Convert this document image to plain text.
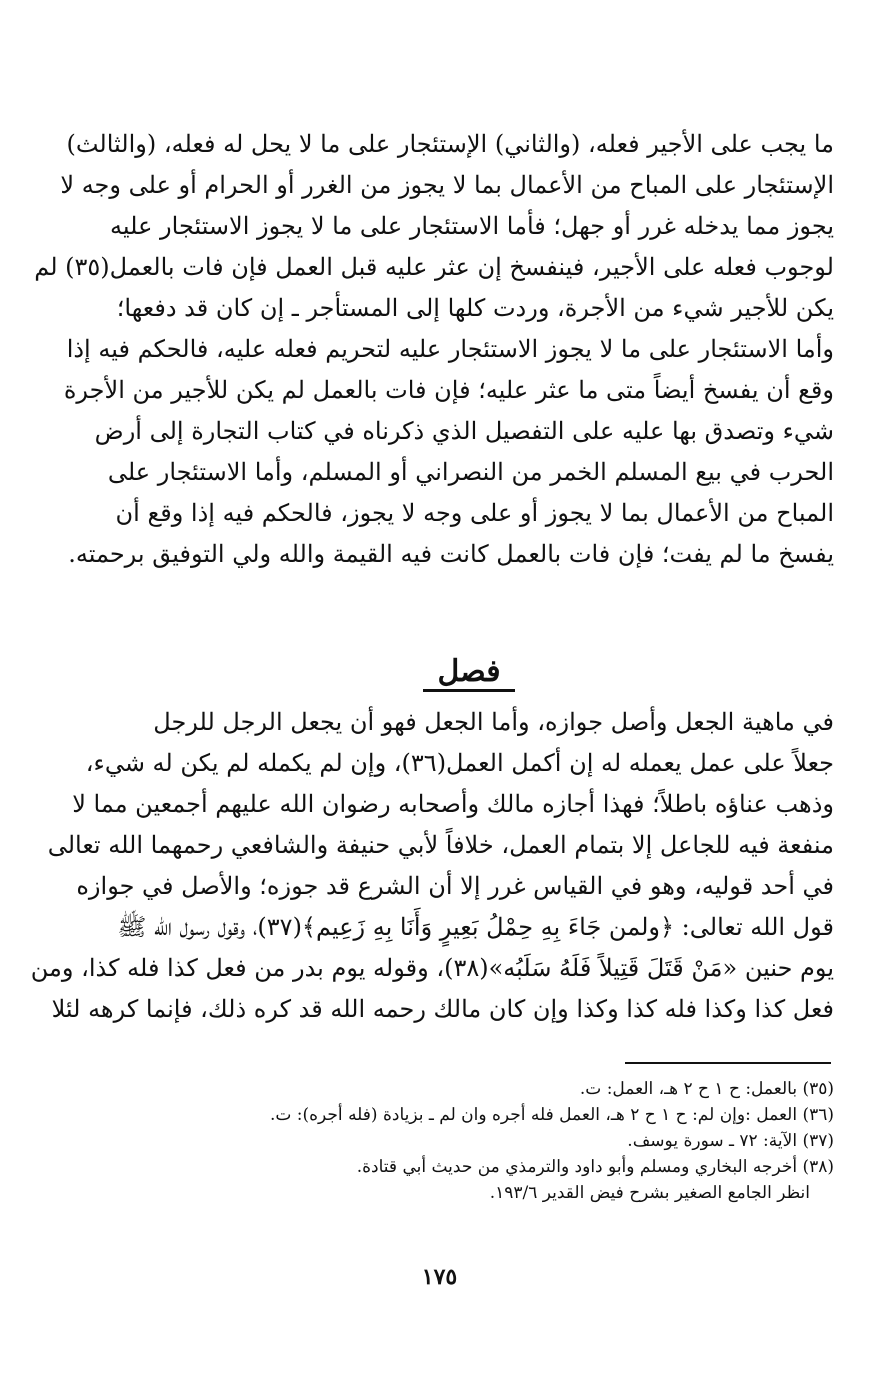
ما يجب على الأجير فعله، (والثاني) الإستئجار على ما لا يحل له فعله، (والثالث)
الإستئجار على المباح من الأعمال بما لا يجوز من الغرر أو الحرام أو على وجه لا
يجوز مما يدخله غرر أو جهل؛ فأما الاستئجار على ما لا يجوز الاستئجار عليه
لوجوب فعله على الأجير، فينفسخ إن عثر عليه قبل العمل فإن فات بالعمل(٣٥) لم
يكن للأجير شيء من الأجرة، وردت كلها إلى المستأجر ـ إن كان قد دفعها؛
وأما الاستئجار على ما لا يجوز الاستئجار عليه لتحريم فعله عليه، فالحكم فيه إذا
وقع أن يفسخ أيضاً متى ما عثر عليه؛ فإن فات بالعمل لم يكن للأجير من الأجرة
شيء وتصدق بها عليه على التفصيل الذي ذكرناه في كتاب التجارة إلى أرض
الحرب في بيع المسلم الخمر من النصراني أو المسلم، وأما الاستئجار على
المباح من الأعمال بما لا يجوز أو على وجه لا يجوز، فالحكم فيه إذا وقع أن
يفسخ ما لم يفت؛ فإن فات بالعمل كانت فيه القيمة والله ولي التوفيق برحمته.
فصل
في ماهية الجعل وأصل جوازه، وأما الجعل فهو أن يجعل الرجل للرجل
جعلاً على عمل يعمله له إن أكمل العمل(٣٦)، وإن لم يكمله لم يكن له شيء،
وذهب عناؤه باطلاً؛ فهذا أجازه مالك وأصحابه رضوان الله عليهم أجمعين مما لا
منفعة فيه للجاعل إلا بتمام العمل، خلافاً لأبي حنيفة والشافعي رحمهما الله تعالى
في أحد قوليه، وهو في القياس غرر إلا أن الشرع قد جوزه؛ والأصل في جوازه
قول الله تعالى: ﴿ولمن جَاءَ بِهِ حِمْلُ بَعِيرٍ وَأَنَا بِهِ زَعِيم﴾(٣٧)، وقول رسول الله ﷺ
يوم حنين «مَنْ قَتَلَ قَتِيلاً فَلَهُ سَلَبُه»(٣٨)، وقوله يوم بدر من فعل كذا فله كذا، ومن
فعل كذا وكذا فله كذا وكذا وإن كان مالك رحمه الله قد كره ذلك، فإنما كرهه لئلا
(٣٥) بالعمل: ح ١ ح ٢ هـ، العمل: ت.
(٣٦) العمل :وإن لم: ح ١ ح ٢ هـ، العمل فله أجره وان لم ـ بزيادة (فله أجره): ت.
(٣٧) الآية: ٧٢ ـ سورة يوسف.
(٣٨) أخرجه البخاري ومسلم وأبو داود والترمذي من حديث أبي قتادة.
انظر الجامع الصغير بشرح فيض القدير ١٩٣/٦.
١٧٥
